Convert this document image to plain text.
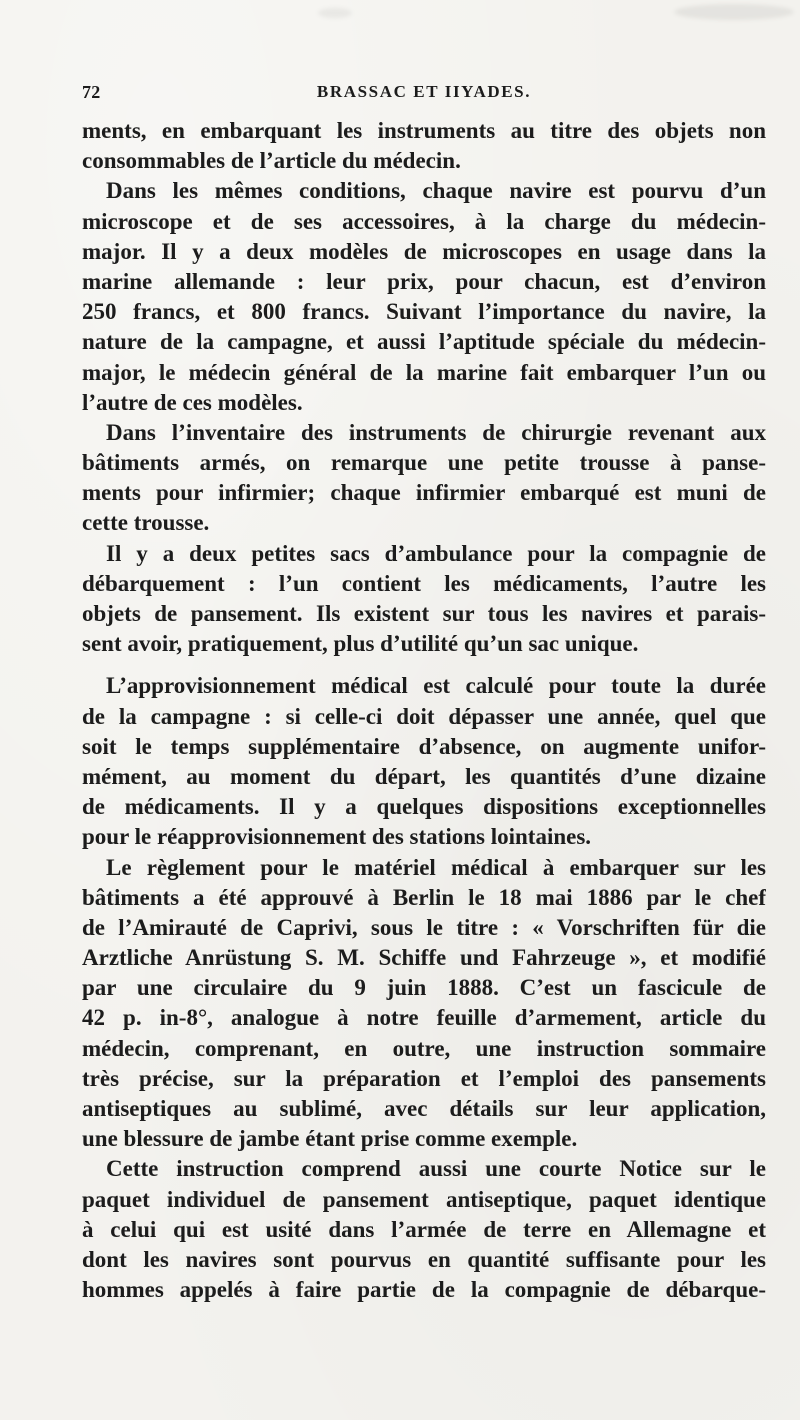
72	BRASSAC ET IIYADES.
ments, en embarquant les instruments au titre des objets non
consommables de l’article du médecin.
Dans les mêmes conditions, chaque navire est pourvu d’un
microscope et de ses accessoires, à la charge du médecin-
major. Il y a deux modèles de microscopes en usage dans la
marine allemande : leur prix, pour chacun, est d’environ
250 francs, et 800 francs. Suivant l’importance du navire, la
nature de la campagne, et aussi l’aptitude spéciale du médecin-
major, le médecin général de la marine fait embarquer l’un ou
l’autre de ces modèles.
Dans l’inventaire des instruments de chirurgie revenant aux
bâtiments armés, on remarque une petite trousse à panse-
ments pour infirmier; chaque infirmier embarqué est muni de
cette trousse.
Il y a deux petites sacs d’ambulance pour la compagnie de
débarquement : l’un contient les médicaments, l’autre les
objets de pansement. Ils existent sur tous les navires et parais-
sent avoir, pratiquement, plus d’utilité qu’un sac unique.
L’approvisionnement médical est calculé pour toute la durée
de la campagne : si celle-ci doit dépasser une année, quel que
soit le temps supplémentaire d’absence, on augmente unifor-
mément, au moment du départ, les quantités d’une dizaine
de médicaments. Il y a quelques dispositions exceptionnelles
pour le réapprovisionnement des stations lointaines.
Le règlement pour le matériel médical à embarquer sur les
bâtiments a été approuvé à Berlin le 18 mai 1886 par le chef
de l’Amirauté de Caprivi, sous le titre : « Vorschriften für die
Arztliche Anrüstung S. M. Schiffe und Fahrzeuge », et modifié
par une circulaire du 9 juin 1888. C’est un fascicule de
42 p. in-8°, analogue à notre feuille d’armement, article du
médecin, comprenant, en outre, une instruction sommaire
très précise, sur la préparation et l’emploi des pansements
antiseptiques au sublimé, avec détails sur leur application,
une blessure de jambe étant prise comme exemple.
Cette instruction comprend aussi une courte Notice sur le
paquet individuel de pansement antiseptique, paquet identique
à celui qui est usité dans l’armée de terre en Allemagne et
dont les navires sont pourvus en quantité suffisante pour les
hommes appelés à faire partie de la compagnie de débarque-
